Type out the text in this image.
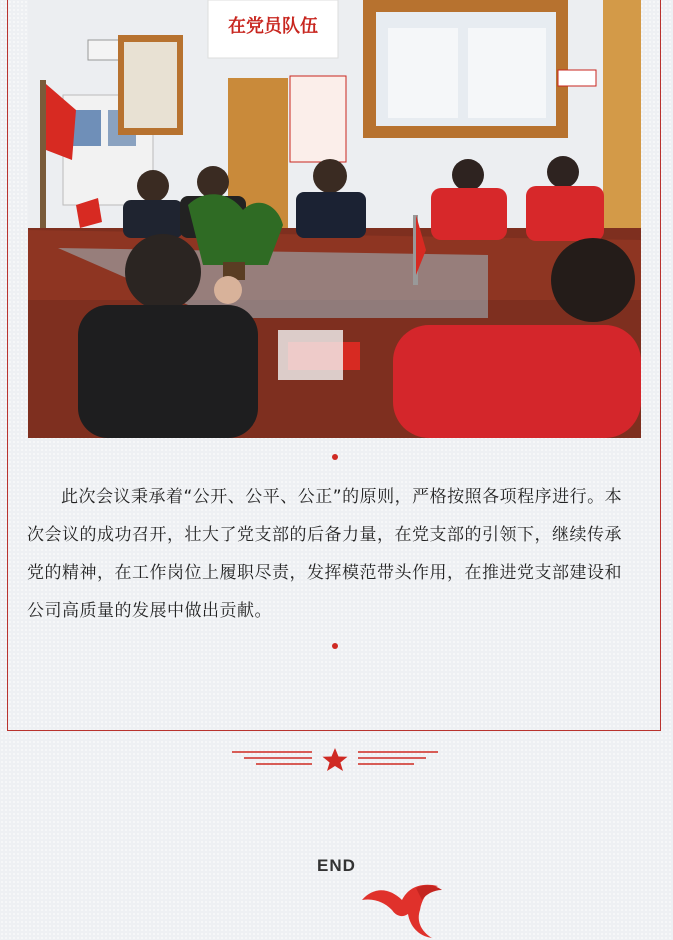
在党员队伍

此次会议秉承着“公开、公平、公正”的原则，严格按照各项程序进行。本次会议的成功召开，壮大了党支部的后备力量，在党支部的引领下，继续传承党的精神，在工作岗位上履职尽责，发挥模范带头作用，在推进党支部建设和公司高质量的发展中做出贡献。

END
